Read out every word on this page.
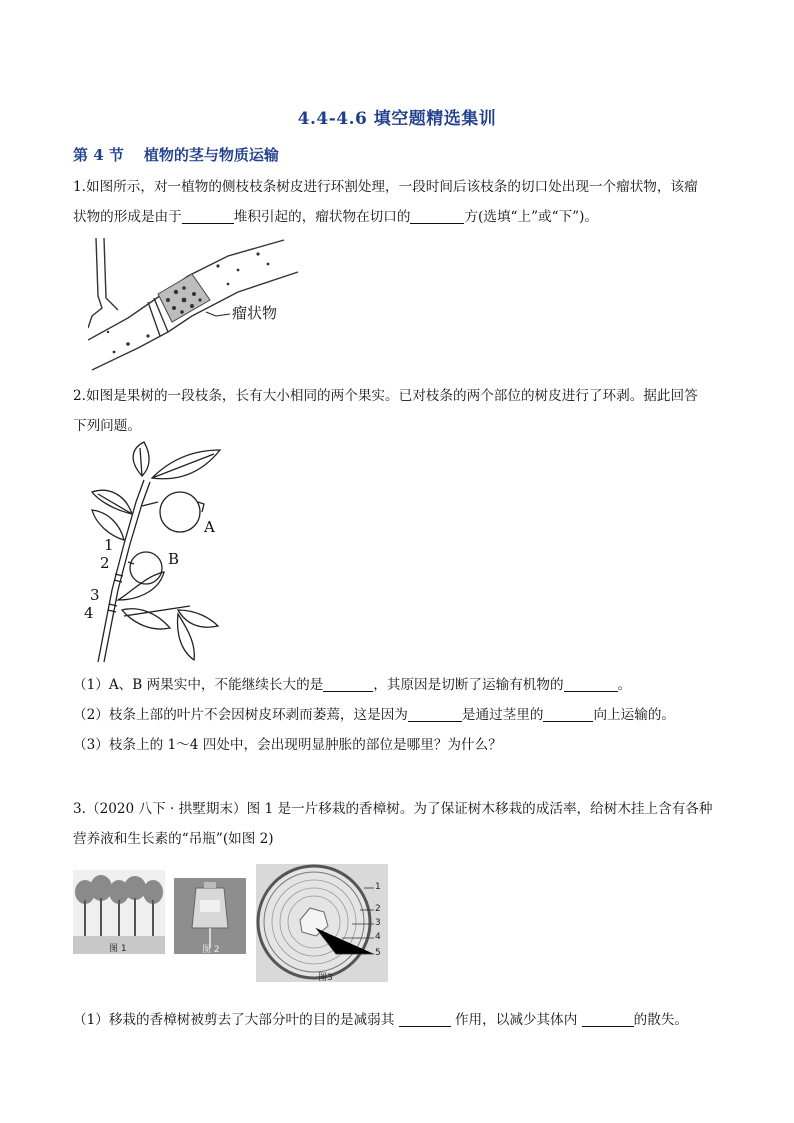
4.4-4.6 填空题精选集训
第 4 节 植物的茎与物质运输
1.如图所示，对一植物的侧枝枝条树皮进行环割处理，一段时间后该枝条的切口处出现一个瘤状物，该瘤
状物的形成是由于	堆积引起的，瘤状物在切口的	方(选填“上”或“下”)。
瘤状物
2.如图是果树的一段枝条，长有大小相同的两个果实。已对枝条的两个部位的树皮进行了环剥。据此回答
下列问题。
A
B
1
2
3
4
（1）A、B 两果实中，不能继续长大的是	，其原因是切断了运输有机物的	。
（2）枝条上部的叶片不会因树皮环剥而萎蔫，这是因为	是通过茎里的	向上运输的。
（3）枝条上的 1～4 四处中，会出现明显肿胀的部位是哪里？为什么？
3.（2020 八下 · 拱墅期末）图 1 是一片移栽的香樟树。为了保证树木移栽的成活率，给树木挂上含有各种
营养液和生长素的“吊瓶”(如图 2)
图 1	图 2
1
2
3
4
5
图3
（1）移栽的香樟树被剪去了大部分叶的目的是减弱其	作用，以减少其体内	的散失。
